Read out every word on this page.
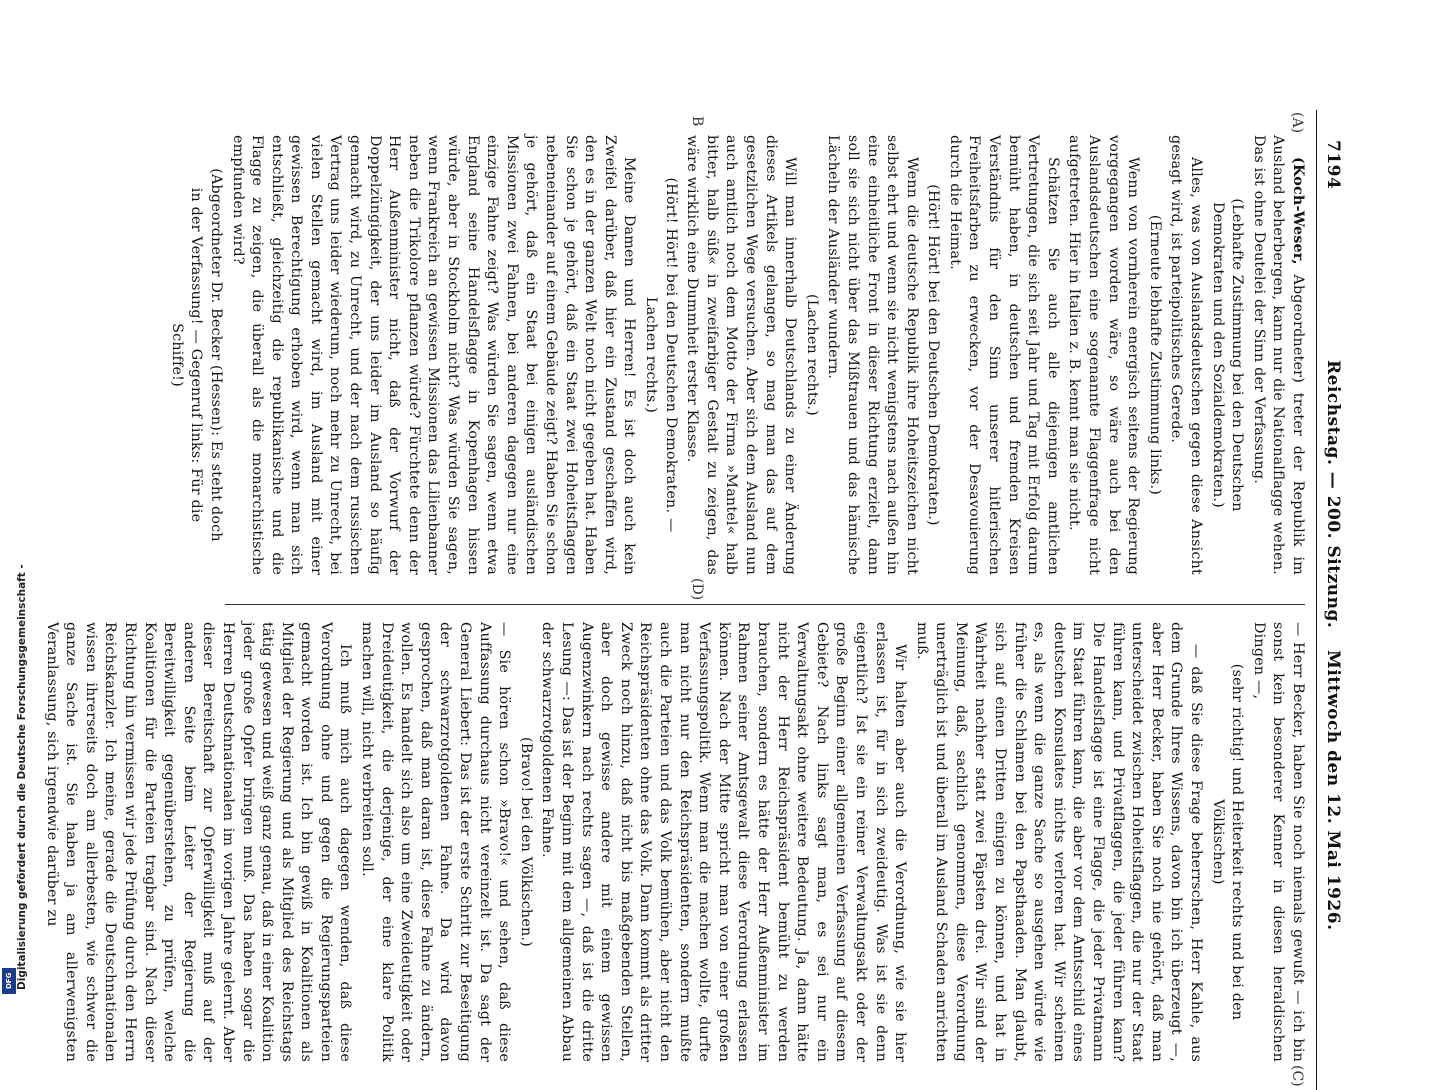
7194
Reichstag. — 200. Sitzung.
Mittwoch den 12. Mai 1926.
(A)
B
(C)
(D)

(Koch-Weser, Abgeordneter) treter der Republik im Ausland beherbergen, kann nur die Nationalflagge wehen. Das ist ohne Deutelei der Sinn der Verfassung.

(Lebhafte Zustimmung bei den Deutschen Demokraten und den Sozialdemokraten.)

Alles, was von Auslandsdeutschen gegen diese Ansicht gesagt wird, ist parteipolitisches Gerede.

(Erneute lebhafte Zustimmung links.)

Wenn von vornherein energisch seitens der Regierung vorgegangen worden wäre, so wäre auch bei den Auslandsdeutschen eine sogenannte Flaggenfrage nicht aufgetreten. Hier in Italien z. B. kennt man sie nicht.

Schätzen Sie auch alle diejenigen amtlichen Vertretungen, die sich seit Jahr und Tag mit Erfolg darum bemüht haben, in deutschen und fremden Kreisen Verständnis für den Sinn unserer hitlerischen Freiheitsfarben zu erwecken, vor der Desavouierung durch die Heimat.

(Hört! Hört! bei den Deutschen Demokraten.)

Wenn die deutsche Republik ihre Hoheitszeichen nicht selbst ehrt und wenn sie nicht wenigstens nach außen hin eine einheitliche Front in dieser Richtung erzielt, dann soll sie sich nicht über das Mißtrauen und das hämische Lächeln der Ausländer wundern.

(Lachen rechts.)

Will man innerhalb Deutschlands zu einer Änderung dieses Artikels gelangen, so mag man das auf dem gesetzlichen Wege versuchen. Aber sich dem Ausland nun auch amtlich noch dem Motto der Firma »Mantel« halb bitter, halb süß« in zweifarbiger Gestalt zu zeigen, das wäre wirklich eine Dummheit erster Klasse.

(Hört! Hört! bei den Deutschen Demokraten. — Lachen rechts.)

Meine Damen und Herren! Es ist doch auch kein Zweifel darüber, daß hier ein Zustand geschaffen wird, den es in der ganzen Welt noch nicht gegeben hat. Haben Sie schon je gehört, daß ein Staat zwei Hoheitsflaggen nebeneinander auf einem Gebäude zeigt? Haben Sie schon je gehört, daß ein Staat bei einigen ausländischen Missionen zwei Fahnen, bei anderen dagegen nur eine einzige Fahne zeigt? Was würden Sie sagen, wenn etwa England seine Handelsflagge in Kopenhagen hissen würde, aber in Stockholm nicht? Was würden Sie sagen, wenn Frankreich an gewissen Missionen das Lilienbanner neben die Trikolore pflanzen würde? Fürchtete denn der Herr Außenminister nicht, daß der Vorwurf der Doppelzüngigkeit, der uns leider im Ausland so häufig gemacht wird, zu Unrecht, und der nach dem russischen Vertrag uns leider wiederum, noch mehr zu Unrecht, bei vielen Stellen gemacht wird, im Ausland mit einer gewissen Berechtigung erhoben wird, wenn man sich entschließt, gleichzeitig die republikanische und die Flagge zu zeigen, die überall als die monarchistische empfunden wird?

(Abgeordneter Dr. Becker (Hessen): Es steht doch in der Verfassung! — Gegenruf links: Für die Schiffe!)

— Herr Becker, haben Sie noch niemals gewußt — ich bin sonst kein besonderer Kenner in diesen heraldischen Dingen —,

(sehr richtig! und Heiterkeit rechts und bei den Völkischen)

— daß Sie diese Frage beherrschen, Herr Kahle, aus dem Grunde Ihres Wissens, davon bin ich überzeugt —, aber Herr Becker, haben Sie noch nie gehört, daß man unterscheidet zwischen Hoheitsflaggen, die nur der Staat führen kann, und Privatflaggen, die jeder führen kann? Die Handelsflagge ist eine Flagge, die jeder Privatmann im Staat führen kann, die aber vor dem Amtsschild eines deutschen Konsulates nichts verloren hat. Wir scheinen es, als wenn die ganze Sache so ausgehen würde wie früher die Schlamen bei den Papsthaaden. Man glaubt, sich auf einen Dritten einigen zu können, und hat in Wahrheit nachher statt zwei Päpsten drei. Wir sind der Meinung, daß, sachlich genommen, diese Verordnung unerträglich ist und überall im Ausland Schaden anrichten muß.

Wir halten aber auch die Verordnung, wie sie hier erlassen ist, für in sich zweideutig. Was ist sie denn eigentlich? Ist sie ein reiner Verwaltungsakt oder der große Beginn einer allgemeinen Verfassung auf diesem Gebiete? Nach links sagt man, es sei nur ein Verwaltungsakt ohne weitere Bedeutung. Ja, dann hätte nicht der Herr Reichspräsident bemüht zu werden brauchen, sondern es hätte der Herr Außenminister im Rahmen seiner Amtsgewalt diese Verordnung erlassen können. Nach der Mitte spricht man von einer großen Verfassungspolitik. Wenn man die machen wollte, durfte man nicht nur den Reichspräsidenten, sondern mußte auch die Parteien und das Volk bemühen, aber nicht den Reichspräsidenten ohne das Volk. Dann kommt als dritter Zweck noch hinzu, daß nicht bis maßgebenden Stellen, aber doch gewisse andere mit einem gewissen Augenzwinkern nach rechts sagen —, daß ist die dritte Lesung —: Das ist der Beginn mit dem allgemeinen Abbau der schwarzrotgoldenen Fahne.

(Bravo! bei den Völkischen.)

— Sie hören schon »Bravo!« und sehen, daß diese Auffassung durchaus nicht vereinzelt ist. Da sagt der General Liebert: Das ist der erste Schritt zur Beseitigung der schwarzrotgoldenen Fahne. Da wird davon gesprochen, daß man daran ist, diese Fahne zu ändern, wollen. Es handelt sich also um eine Zweideutigkeit oder Dreideutigkeit, die derjenige, der eine klare Politik machen will, nicht verbreiten soll.

Ich muß mich auch dagegen wenden, daß diese Verordnung ohne und gegen die Regierungsparteien gemacht worden ist. Ich bin gewiß in Koalitionen als Mitglied der Regierung und als Mitglied des Reichstags tätig gewesen und weiß ganz genau, daß in einer Koalition jeder große Opfer bringen muß. Das haben sogar die Herren Deutschnationalen im vorigen Jahre gelernt. Aber dieser Bereitschaft zur Opferwilligkeit muß auf der anderen Seite beim Leiter der Regierung die Bereitwilligkeit gegenüberstehen, zu prüfen, welche Koalitionen für die Parteien tragbar sind. Nach dieser Richtung hin vermissen wir jede Prüfung durch den Herrn Reichskanzler. Ich meine, gerade die Deutschnationalen wissen ihrerseits doch am allerbesten, wie schwer die ganze Sache ist. Sie haben ja am allerwenigsten Veranlassung, sich irgendwie darüber zu

Digitalisierung gefördert durch die Deutsche Forschungsgemeinschaft -
DFG
